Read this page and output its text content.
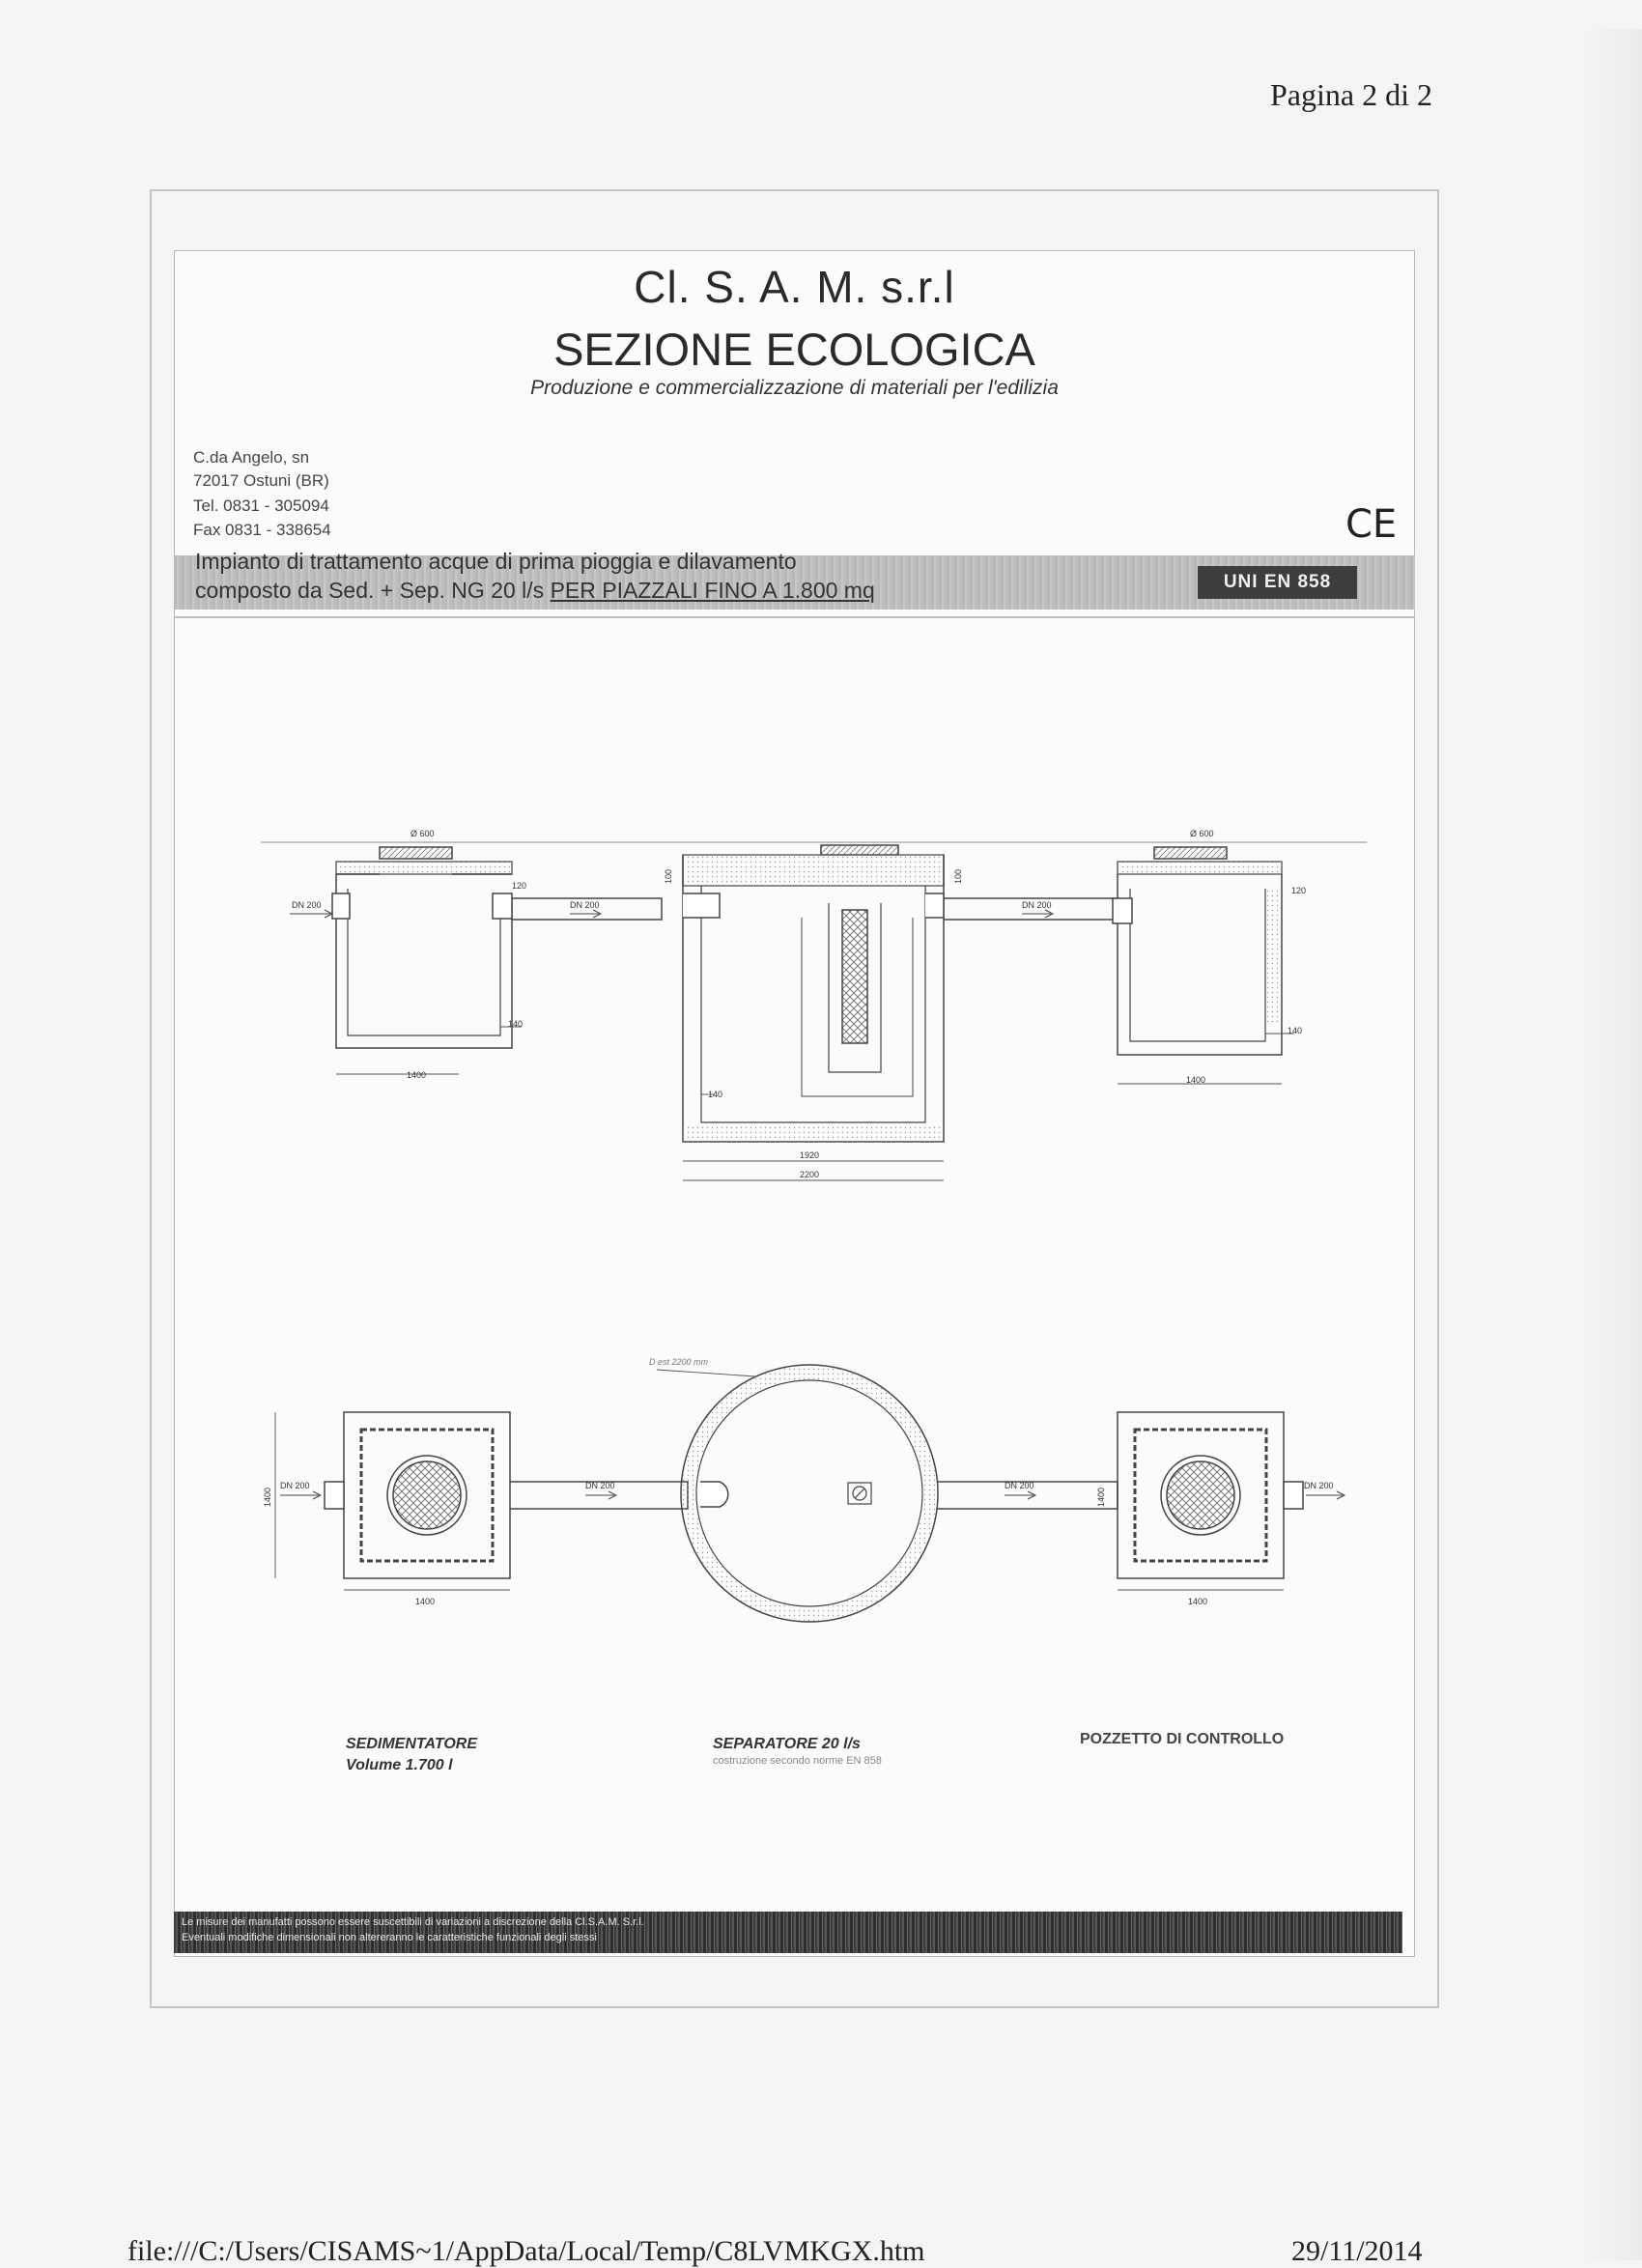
Pagina 2 di 2
Cl. S. A. M. s.r.l
SEZIONE ECOLOGICA
Produzione e commercializzazione di materiali per l'edilizia
C.da Angelo, sn
72017 Ostuni (BR)
Tel. 0831 - 305094
Fax 0831 - 338654	CE
Impianto di trattamento acque di prima pioggia e dilavamento
composto da Sed. + Sep. NG 20 l/s PER PIAZZALI FINO A 1.800 mq	UNI EN 858
Ø 600	Ø 600
DN 200	DN 200	DN 200
120
140
1400
100	100
140
1920
2200
120
140
1400
D est 2200 mm
DN 200	DN 200	DN 200	DN 200
1400	1400
1400	1400
SEDIMENTATORE
Volume 1.700 l
SEPARATORE 20 l/s
costruzione secondo norme EN 858
POZZETTO DI CONTROLLO
Le misure dei manufatti possono essere suscettibili di variazioni a discrezione della Cl.S.A.M. S.r.l.
Eventuali modifiche dimensionali non altereranno le caratteristiche funzionali degli stessi
file:///C:/Users/CISAMS~1/AppData/Local/Temp/C8LVMKGX.htm	29/11/2014
